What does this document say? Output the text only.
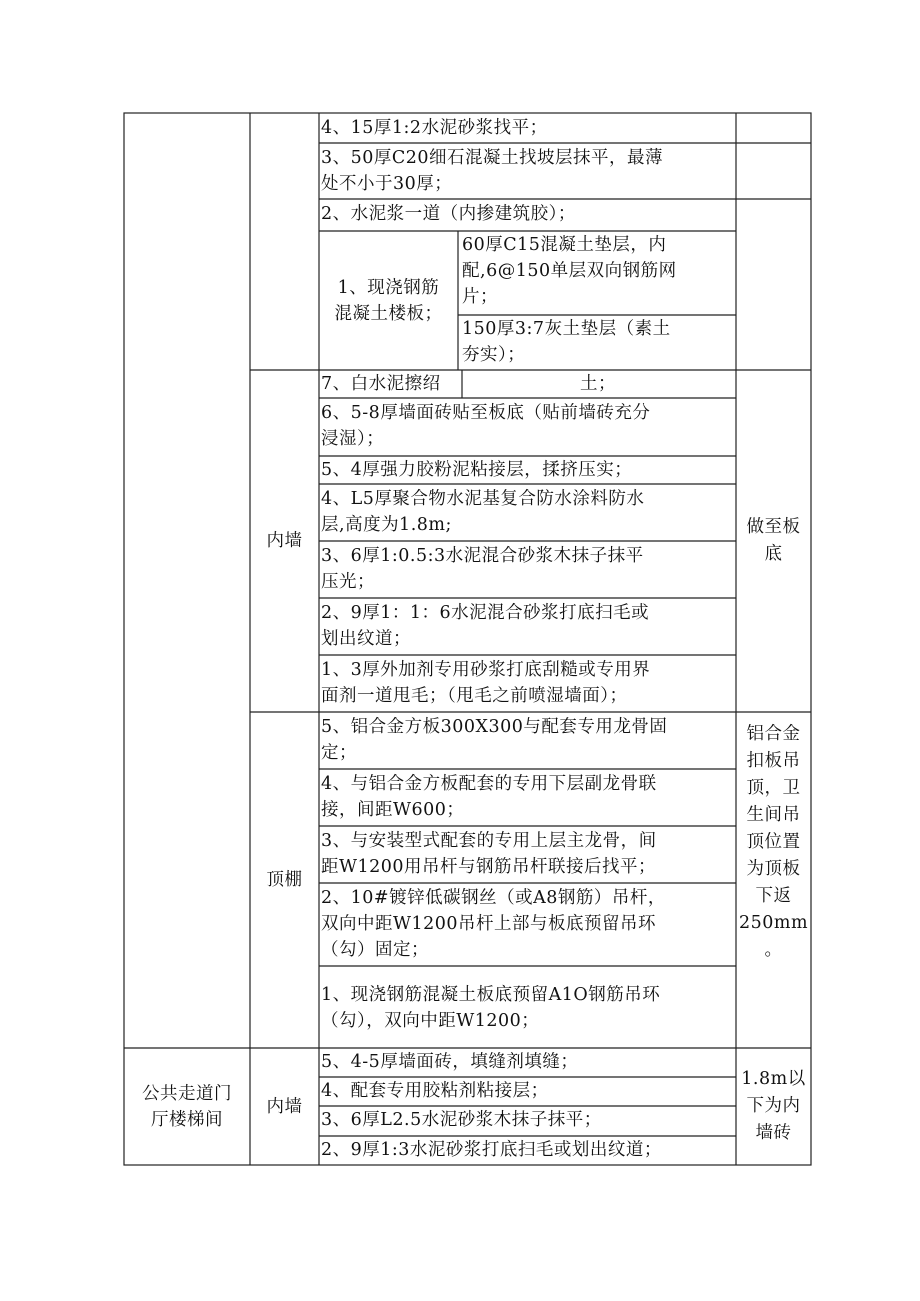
4、15厚1:2水泥砂浆找平；
3、50厚C20细石混凝土找坡层抹平，最薄
处不小于30厚；
2、水泥浆一道（内掺建筑胶）；
1、现浇钢筋
混凝土楼板；
60厚C15混凝土垫层，内
配,6@150单层双向钢筋网
片；
150厚3:7灰土垫层（素土
夯实）；
内墙
7、白水泥擦绍	土；
6、5-8厚墙面砖贴至板底（贴前墙砖充分
浸湿）；
5、4厚强力胶粉泥粘接层，揉挤压实；
4、L5厚聚合物水泥基复合防水涂料防水
层,高度为1.8m;
3、6厚1:0.5:3水泥混合砂浆木抹子抹平
压光；
2、9厚1：1：6水泥混合砂浆打底扫毛或
划出纹道；
1、3厚外加剂专用砂浆打底刮糙或专用界
面剂一道甩毛；（甩毛之前喷湿墙面）；
做至板
底
顶棚
5、铝合金方板300X300与配套专用龙骨固
定；
4、与铝合金方板配套的专用下层副龙骨联
接，间距W600；
3、与安装型式配套的专用上层主龙骨，间
距W1200用吊杆与钢筋吊杆联接后找平；
2、10#镀锌低碳钢丝（或A8钢筋）吊杆，
双向中距W1200吊杆上部与板底预留吊环
（勾）固定；
1、现浇钢筋混凝土板底预留A1O钢筋吊环
（勾），双向中距W1200；
铝合金
扣板吊
顶，卫
生间吊
顶位置
为顶板
下返
250mm
。
公共走道门
厅楼梯间
内墙
5、4-5厚墙面砖，填缝剂填缝；
4、配套专用胶粘剂粘接层；
3、6厚L2.5水泥砂浆木抹子抹平；
2、9厚1:3水泥砂浆打底扫毛或划出纹道；
1.8m以
下为内
墙砖
